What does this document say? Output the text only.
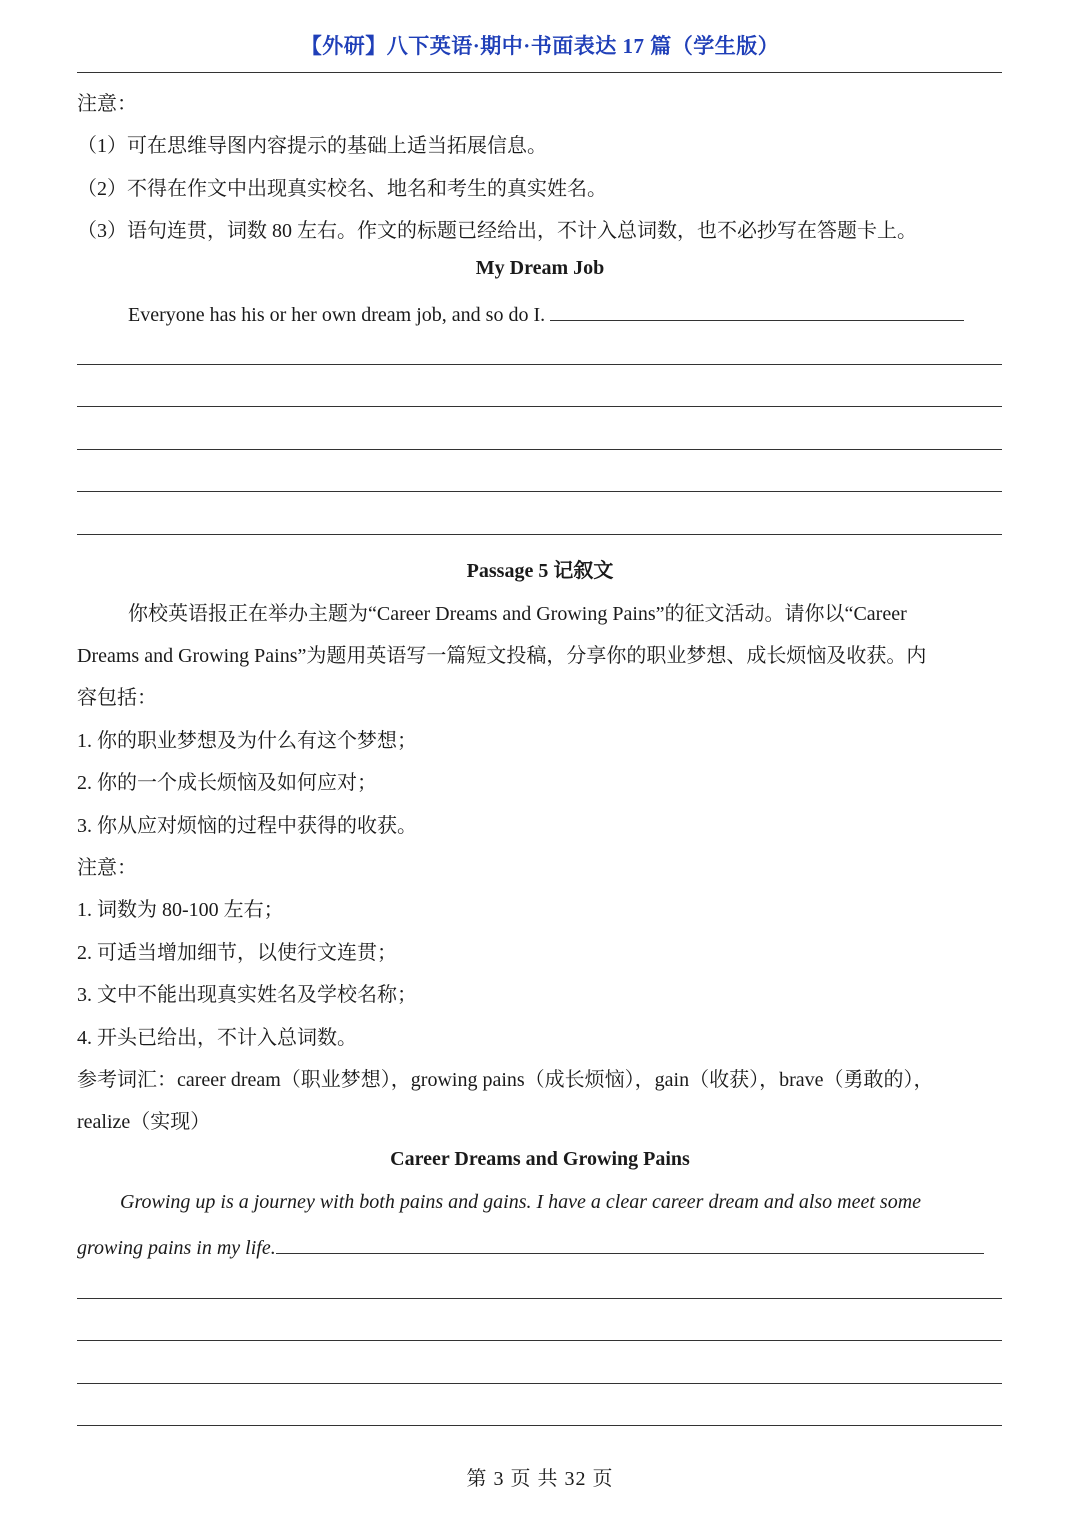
【外研】八下英语·期中·书面表达 17 篇（学生版）
注意：
（1）可在思维导图内容提示的基础上适当拓展信息。
（2）不得在作文中出现真实校名、地名和考生的真实姓名。
（3）语句连贯，词数 80 左右。作文的标题已经给出，不计入总词数，也不必抄写在答题卡上。
My Dream Job
Everyone has his or her own dream job, and so do I.
Passage 5 记叙文
你校英语报正在举办主题为“Career Dreams and Growing Pains”的征文活动。请你以“Career
Dreams and Growing Pains”为题用英语写一篇短文投稿，分享你的职业梦想、成长烦恼及收获。内
容包括：
1. 你的职业梦想及为什么有这个梦想；
2. 你的一个成长烦恼及如何应对；
3. 你从应对烦恼的过程中获得的收获。
注意：
1. 词数为 80-100 左右；
2. 可适当增加细节，以使行文连贯；
3. 文中不能出现真实姓名及学校名称；
4. 开头已给出，不计入总词数。
参考词汇：career dream（职业梦想），growing pains（成长烦恼），gain（收获），brave（勇敢的），
realize（实现）
Career Dreams and Growing Pains
Growing up is a journey with both pains and gains. I have a clear career dream and also meet some
growing pains in my life.
第 3 页 共 32 页
